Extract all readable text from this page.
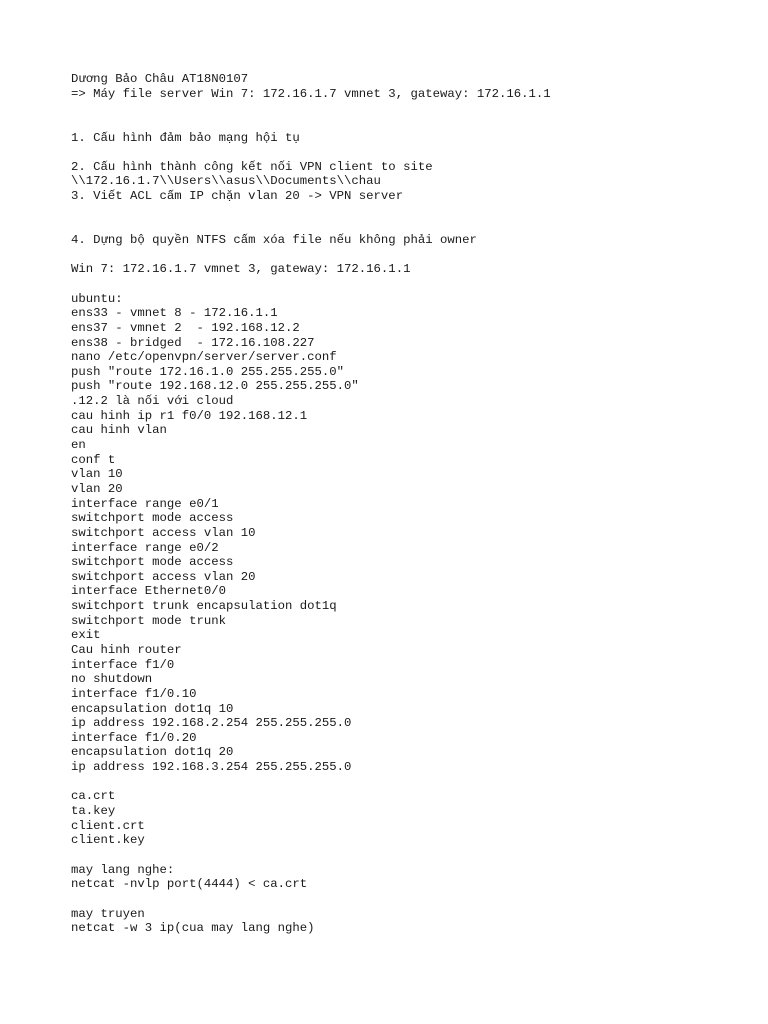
Dương Bảo Châu AT18N0107
=> Máy file server Win 7: 172.16.1.7 vmnet 3, gateway: 172.16.1.1
1. Cấu hình đảm bảo mạng hội tụ
2. Cấu hình thành công kết nối VPN client to site
\\172.16.1.7\\Users\\asus\\Documents\\chau
3. Viết ACL cấm IP chặn vlan 20 -> VPN server
4. Dựng bộ quyền NTFS cấm xóa file nếu không phải owner
Win 7: 172.16.1.7 vmnet 3, gateway: 172.16.1.1
ubuntu:
ens33 - vmnet 8 - 172.16.1.1
ens37 - vmnet 2  - 192.168.12.2
ens38 - bridged  - 172.16.108.227
nano /etc/openvpn/server/server.conf
push "route 172.16.1.0 255.255.255.0"
push "route 192.168.12.0 255.255.255.0"
.12.2 là nối với cloud
cau hinh ip r1 f0/0 192.168.12.1
cau hinh vlan
en
conf t
vlan 10
vlan 20
interface range e0/1
switchport mode access
switchport access vlan 10
interface range e0/2
switchport mode access
switchport access vlan 20
interface Ethernet0/0
switchport trunk encapsulation dot1q
switchport mode trunk
exit
Cau hinh router
interface f1/0
no shutdown
interface f1/0.10
encapsulation dot1q 10
ip address 192.168.2.254 255.255.255.0
interface f1/0.20
encapsulation dot1q 20
ip address 192.168.3.254 255.255.255.0
ca.crt
ta.key
client.crt
client.key
may lang nghe:
netcat -nvlp port(4444) < ca.crt
may truyen
netcat -w 3 ip(cua may lang nghe)
